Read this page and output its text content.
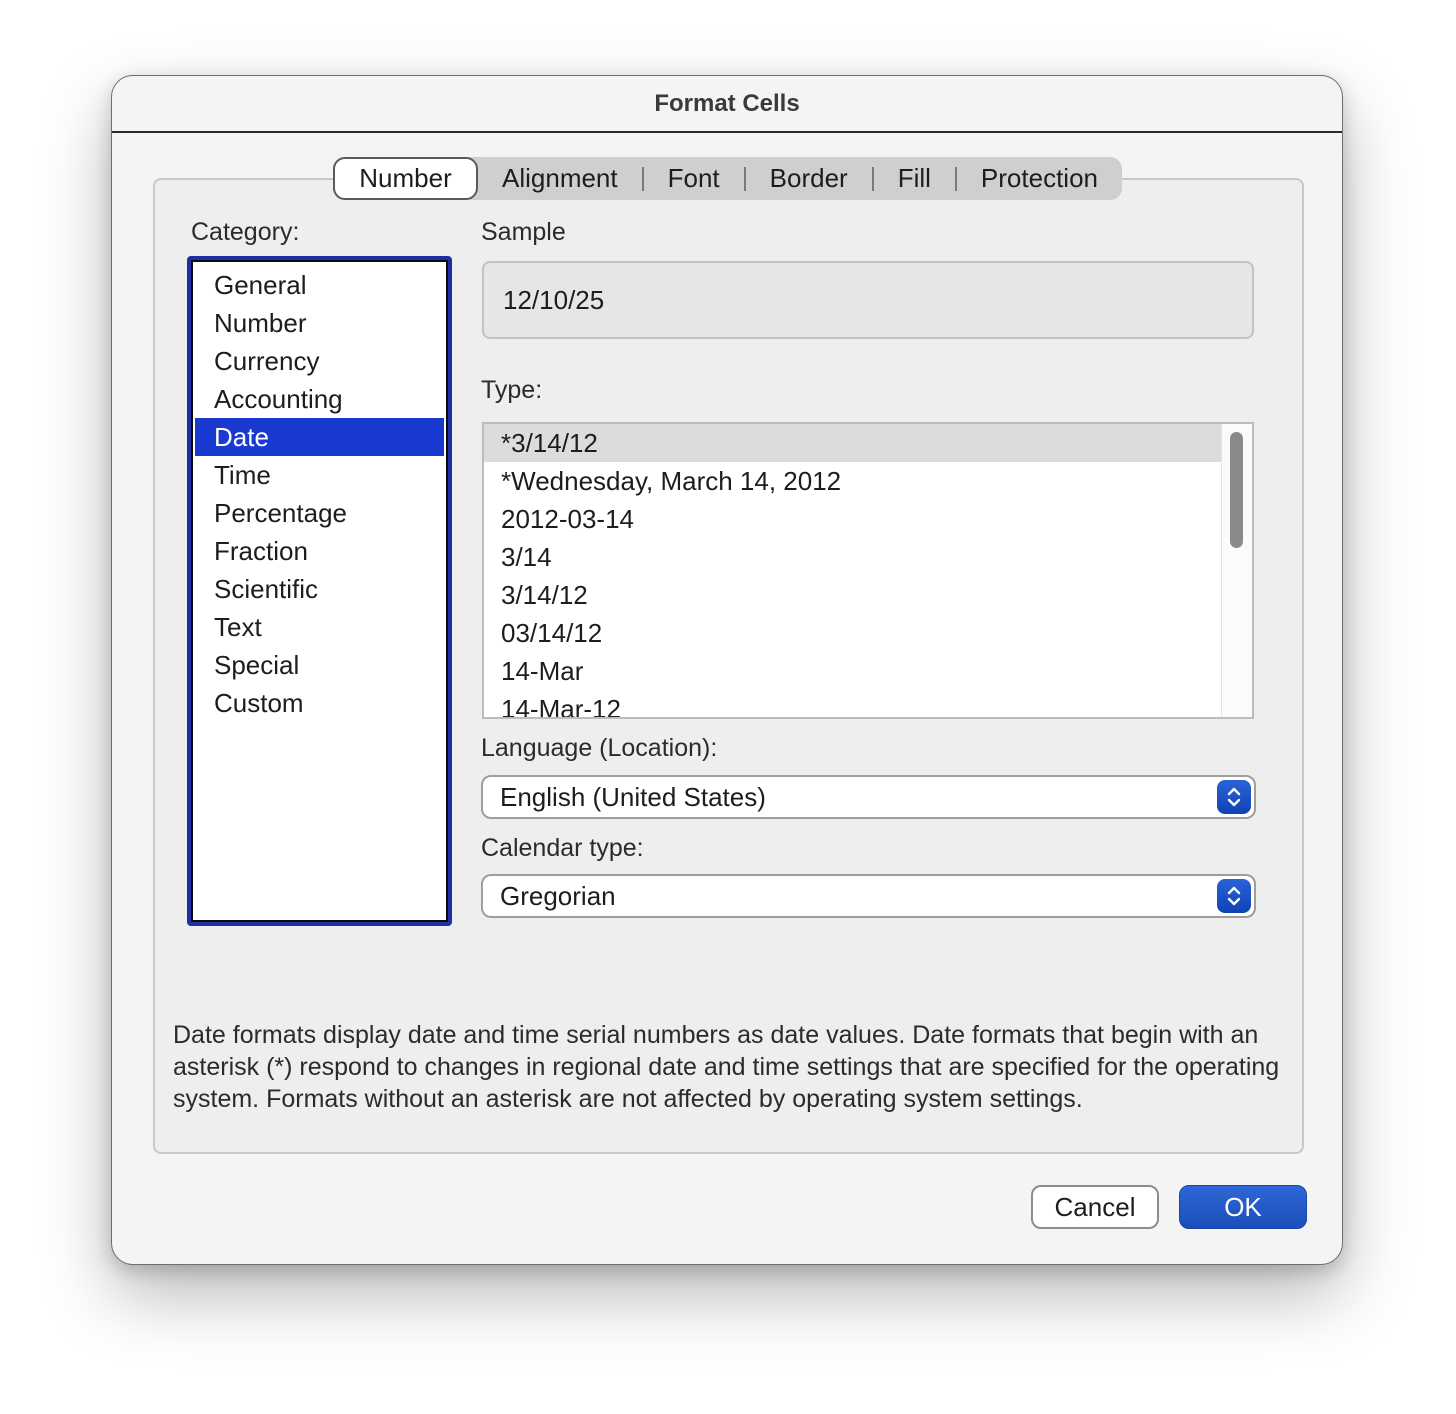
Format Cells
Number	Alignment	Font	Border	Fill	Protection
Category:
General
Number
Currency
Accounting
Date
Time
Percentage
Fraction
Scientific
Text
Special
Custom
Sample
12/10/25
Type:
*3/14/12
*Wednesday, March 14, 2012
2012-03-14
3/14
3/14/12
03/14/12
14-Mar
14-Mar-12
Language (Location):
English (United States)
Calendar type:
Gregorian
Date formats display date and time serial numbers as date values. Date formats that begin with an asterisk (*) respond to changes in regional date and time settings that are specified for the operating system. Formats without an asterisk are not affected by operating system settings.
Cancel	OK
